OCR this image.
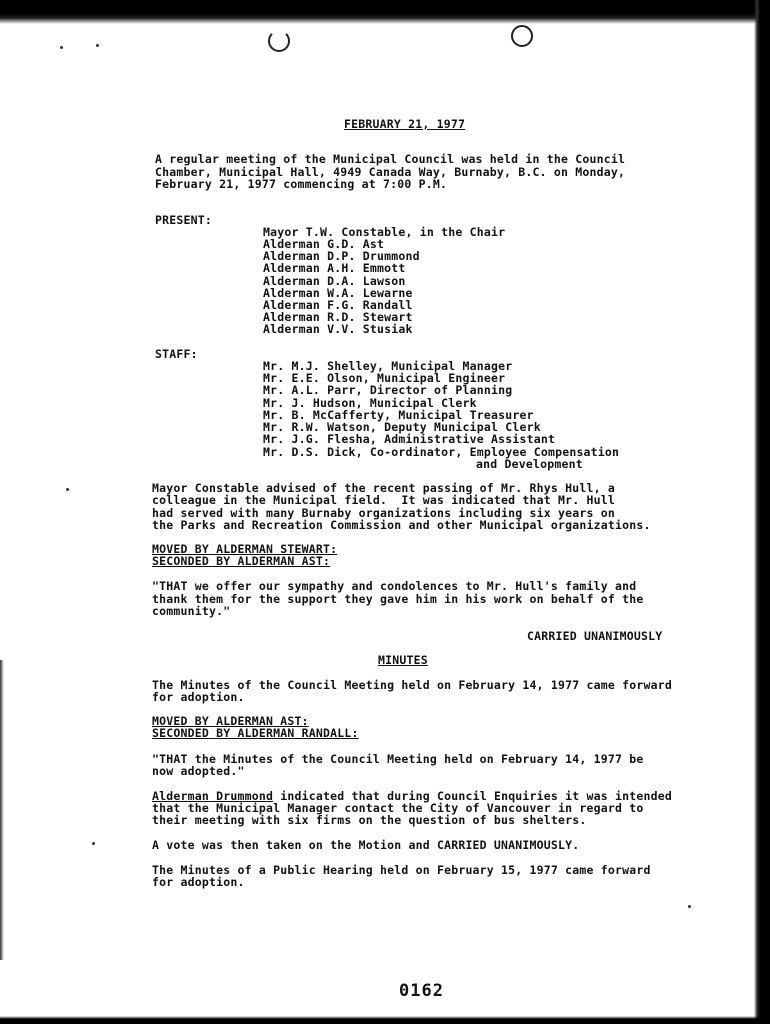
FEBRUARY 21, 1977
A regular meeting of the Municipal Council was held in the Council
Chamber, Municipal Hall, 4949 Canada Way, Burnaby, B.C. on Monday,
February 21, 1977 commencing at 7:00 P.M.
PRESENT:
Mayor T.W. Constable, in the Chair
Alderman G.D. Ast
Alderman D.P. Drummond
Alderman A.H. Emmott
Alderman D.A. Lawson
Alderman W.A. Lewarne
Alderman F.G. Randall
Alderman R.D. Stewart
Alderman V.V. Stusiak
STAFF:
Mr. M.J. Shelley, Municipal Manager
Mr. E.E. Olson, Municipal Engineer
Mr. A.L. Parr, Director of Planning
Mr. J. Hudson, Municipal Clerk
Mr. B. McCafferty, Municipal Treasurer
Mr. R.W. Watson, Deputy Municipal Clerk
Mr. J.G. Flesha, Administrative Assistant
Mr. D.S. Dick, Co-ordinator, Employee Compensation
and Development
Mayor Constable advised of the recent passing of Mr. Rhys Hull, a
colleague in the Municipal field.  It was indicated that Mr. Hull
had served with many Burnaby organizations including six years on
the Parks and Recreation Commission and other Municipal organizations.
MOVED BY ALDERMAN STEWART:
SECONDED BY ALDERMAN AST:
"THAT we offer our sympathy and condolences to Mr. Hull's family and
thank them for the support they gave him in his work on behalf of the
community."
CARRIED UNANIMOUSLY
MINUTES
The Minutes of the Council Meeting held on February 14, 1977 came forward
for adoption.
MOVED BY ALDERMAN AST:
SECONDED BY ALDERMAN RANDALL:
"THAT the Minutes of the Council Meeting held on February 14, 1977 be
now adopted."
Alderman Drummond indicated that during Council Enquiries it was intended
that the Municipal Manager contact the City of Vancouver in regard to
their meeting with six firms on the question of bus shelters.
A vote was then taken on the Motion and CARRIED UNANIMOUSLY.
The Minutes of a Public Hearing held on February 15, 1977 came forward
for adoption.
0162
